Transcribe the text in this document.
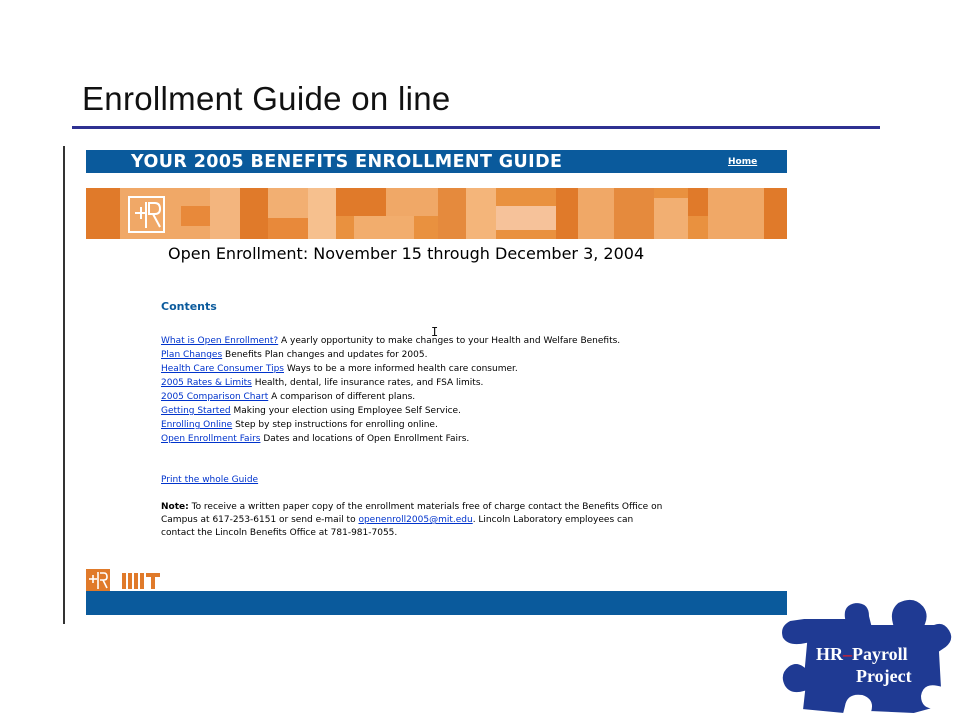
Enrollment Guide on line
YOUR 2005 BENEFITS ENROLLMENT GUIDE	Home
Open Enrollment: November 15 through December 3, 2004
Contents
I
What is Open Enrollment? A yearly opportunity to make changes to your Health and Welfare Benefits.
Plan Changes Benefits Plan changes and updates for 2005.
Health Care Consumer Tips Ways to be a more informed health care consumer.
2005 Rates & Limits Health, dental, life insurance rates, and FSA limits.
2005 Comparison Chart A comparison of different plans.
Getting Started Making your election using Employee Self Service.
Enrolling Online Step by step instructions for enrolling online.
Open Enrollment Fairs Dates and locations of Open Enrollment Fairs.
Print the whole Guide
Note: To receive a written paper copy of the enrollment materials free of charge contact the Benefits Office on
Campus at 617-253-6151 or send e-mail to openenroll2005@mit.edu. Lincoln Laboratory employees can
contact the Lincoln Benefits Office at 781-981-7055.
HR–Payroll
Project
